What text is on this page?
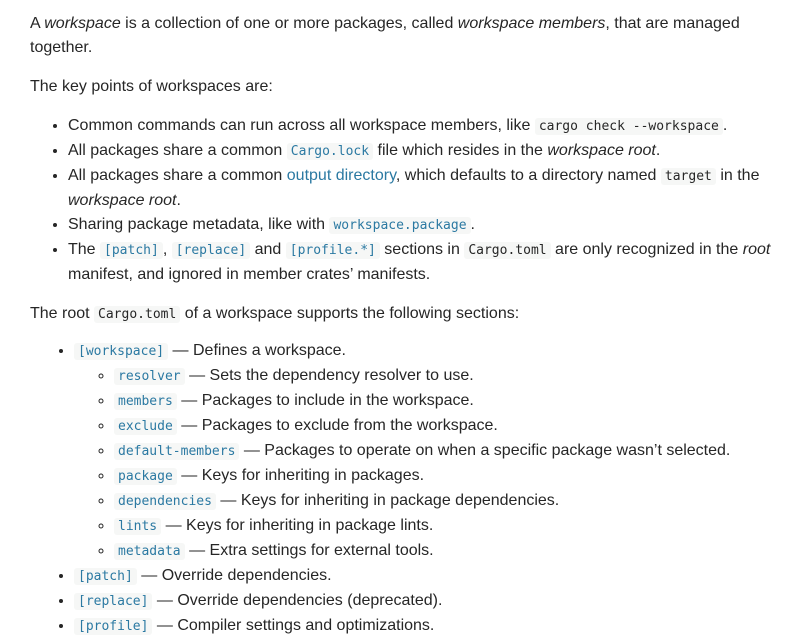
A workspace is a collection of one or more packages, called workspace members, that are managed together.

The key points of workspaces are:

• Common commands can run across all workspace members, like cargo check --workspace .
• All packages share a common Cargo.lock file which resides in the workspace root.
• All packages share a common output directory, which defaults to a directory named target in the workspace root.
• Sharing package metadata, like with workspace.package .
• The [patch] , [replace] and [profile.*] sections in Cargo.toml are only recognized in the root manifest, and ignored in member crates’ manifests.

The root Cargo.toml of a workspace supports the following sections:

• [workspace] — Defines a workspace.
◦ resolver — Sets the dependency resolver to use.
◦ members — Packages to include in the workspace.
◦ exclude — Packages to exclude from the workspace.
◦ default-members — Packages to operate on when a specific package wasn’t selected.
◦ package — Keys for inheriting in packages.
◦ dependencies — Keys for inheriting in package dependencies.
◦ lints — Keys for inheriting in package lints.
◦ metadata — Extra settings for external tools.
• [patch] — Override dependencies.
• [replace] — Override dependencies (deprecated).
• [profile] — Compiler settings and optimizations.
